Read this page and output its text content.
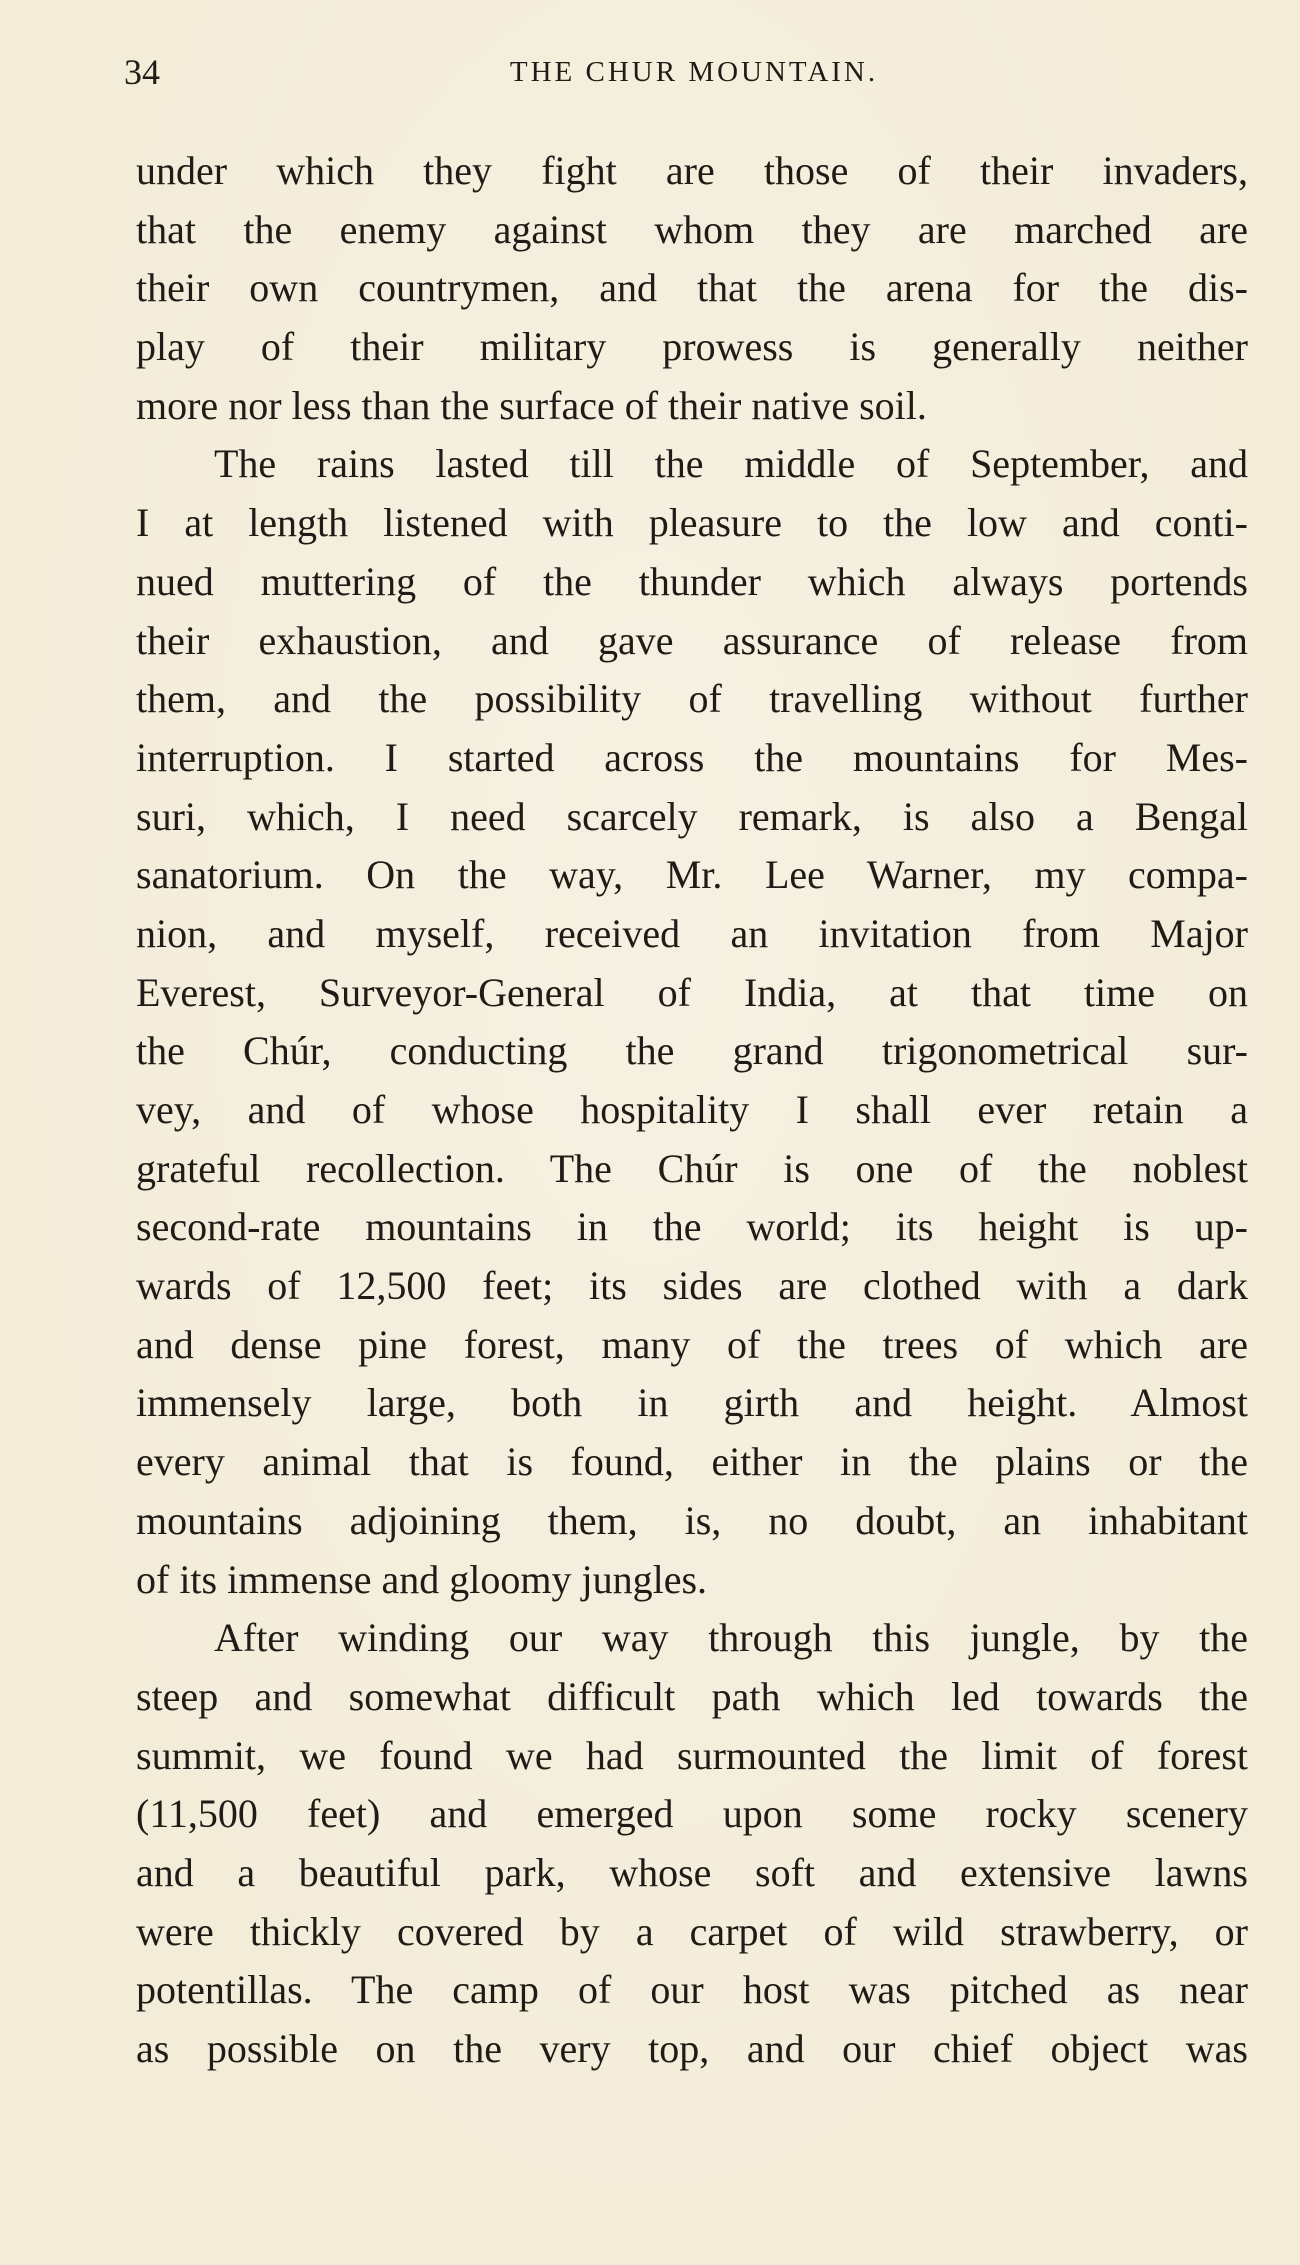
34	THE CHUR MOUNTAIN.
under which they fight are those of their invaders,
that the enemy against whom they are marched are
their own countrymen, and that the arena for the dis-
play of their military prowess is generally neither
more nor less than the surface of their native soil.
The rains lasted till the middle of September, and
I at length listened with pleasure to the low and conti-
nued muttering of the thunder which always portends
their exhaustion, and gave assurance of release from
them, and the possibility of travelling without further
interruption. I started across the mountains for Mes-
suri, which, I need scarcely remark, is also a Bengal
sanatorium. On the way, Mr. Lee Warner, my compa-
nion, and myself, received an invitation from Major
Everest, Surveyor-General of India, at that time on
the Chúr, conducting the grand trigonometrical sur-
vey, and of whose hospitality I shall ever retain a
grateful recollection. The Chúr is one of the noblest
second-rate mountains in the world; its height is up-
wards of 12,500 feet; its sides are clothed with a dark
and dense pine forest, many of the trees of which are
immensely large, both in girth and height. Almost
every animal that is found, either in the plains or the
mountains adjoining them, is, no doubt, an inhabitant
of its immense and gloomy jungles.
After winding our way through this jungle, by the
steep and somewhat difficult path which led towards the
summit, we found we had surmounted the limit of forest
(11,500 feet) and emerged upon some rocky scenery
and a beautiful park, whose soft and extensive lawns
were thickly covered by a carpet of wild strawberry, or
potentillas. The camp of our host was pitched as near
as possible on the very top, and our chief object was
